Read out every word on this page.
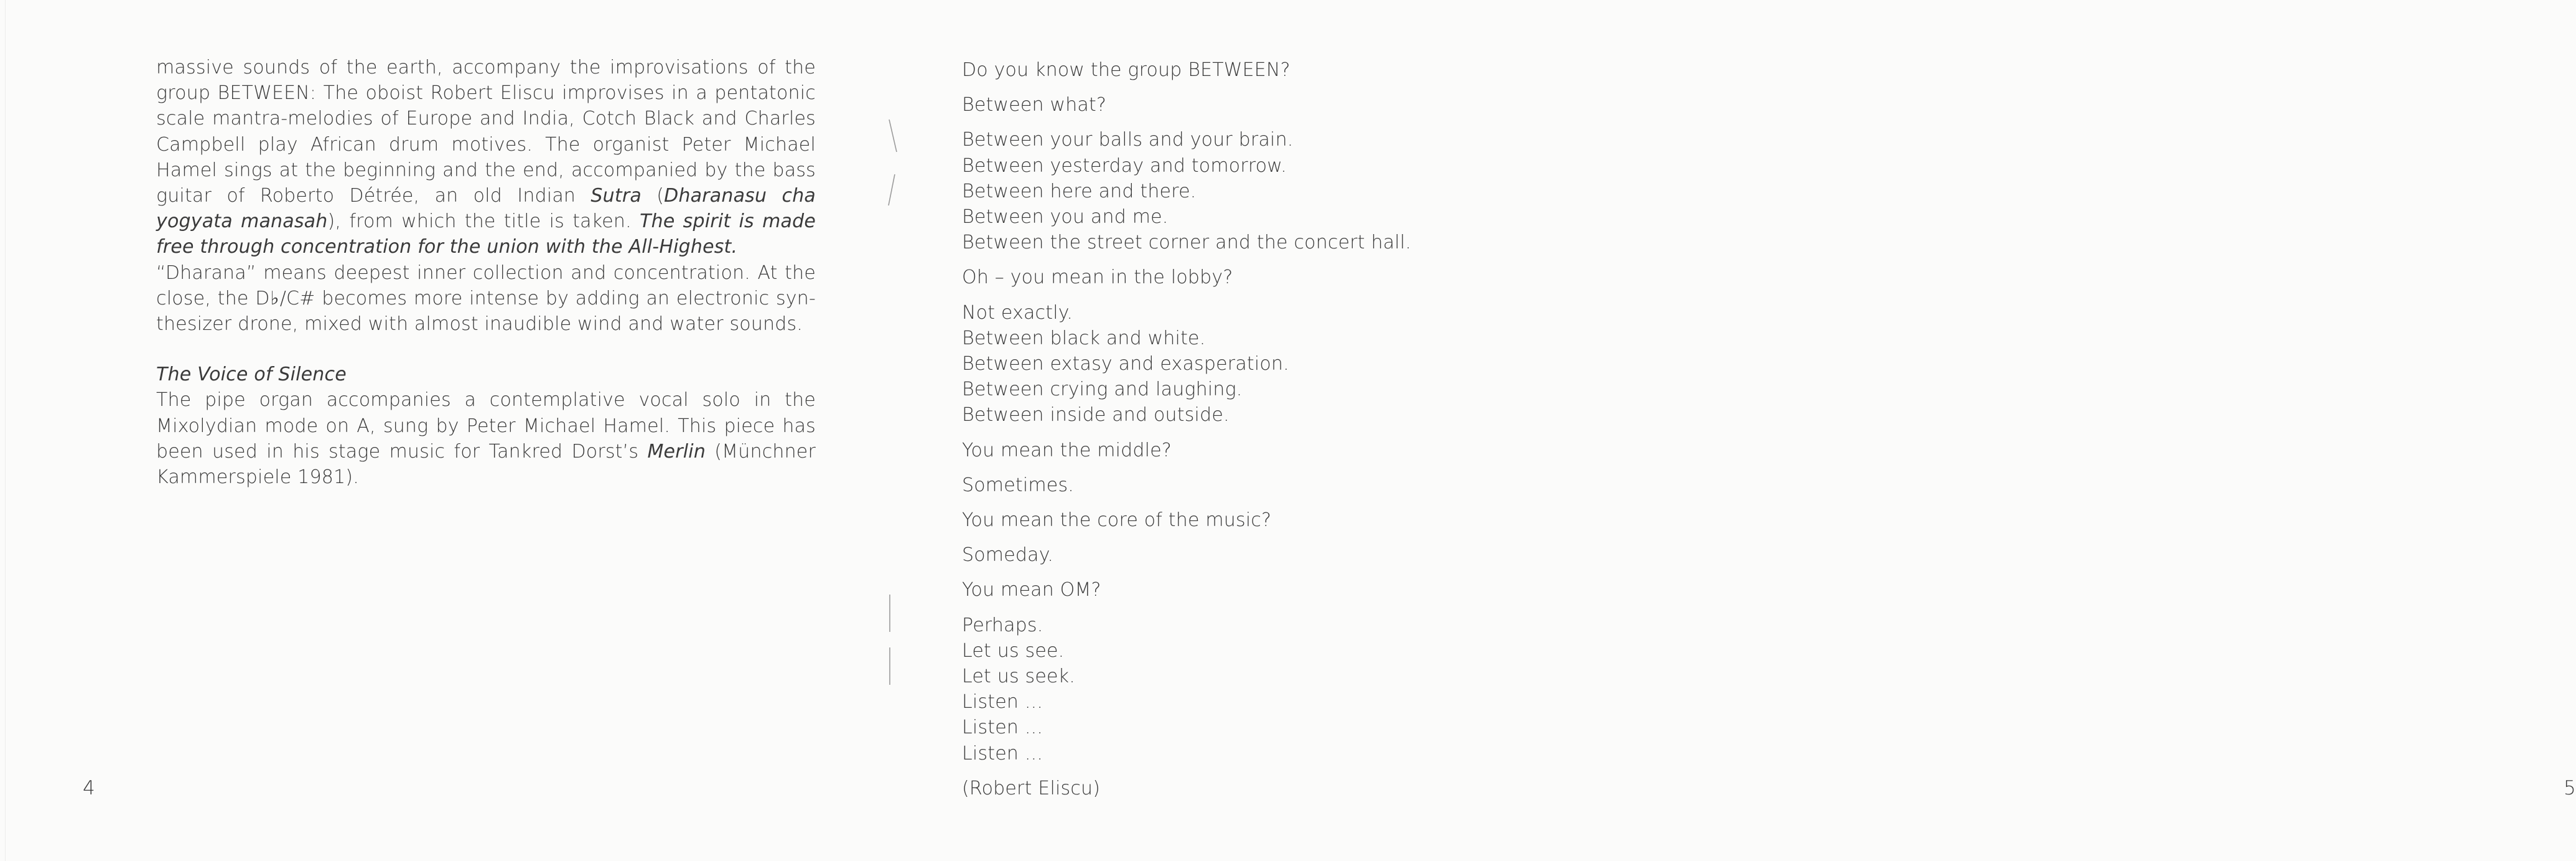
massive sounds of the earth, accompany the improvisations of the group BETWEEN: The oboist Robert Eliscu improvises in a pentatonic scale mantra-melodies of Europe and India, Cotch Black and Charles Campbell play African drum motives. The organist Peter Michael Hamel sings at the beginning and the end, accompanied by the bass guitar of Roberto Détrée, an old Indian Sutra (Dharanasu cha yogyata manasah), from which the title is taken. The spirit is made free through concentration for the union with the All-Highest.

“Dharana” means deepest inner collection and concentration. At the close, the D♭/C# becomes more intense by adding an electronic syn-thesizer drone, mixed with almost inaudible wind and water sounds.

The Voice of Silence

The pipe organ accompanies a contemplative vocal solo in the Mixolydian mode on A, sung by Peter Michael Hamel. This piece has been used in his stage music for Tankred Dorst’s Merlin (Münchner Kammerspiele 1981).

4	5
Do you know the group BETWEEN?
Between what?
Between your balls and your brain.
Between yesterday and tomorrow.
Between here and there.
Between you and me.
Between the street corner and the concert hall.
Oh – you mean in the lobby?
Not exactly.
Between black and white.
Between extasy and exasperation.
Between crying and laughing.
Between inside and outside.
You mean the middle?
Sometimes.
You mean the core of the music?
Someday.
You mean OM?
Perhaps.
Let us see.
Let us seek.
Listen ...
Listen ...
Listen ...
(Robert Eliscu)
